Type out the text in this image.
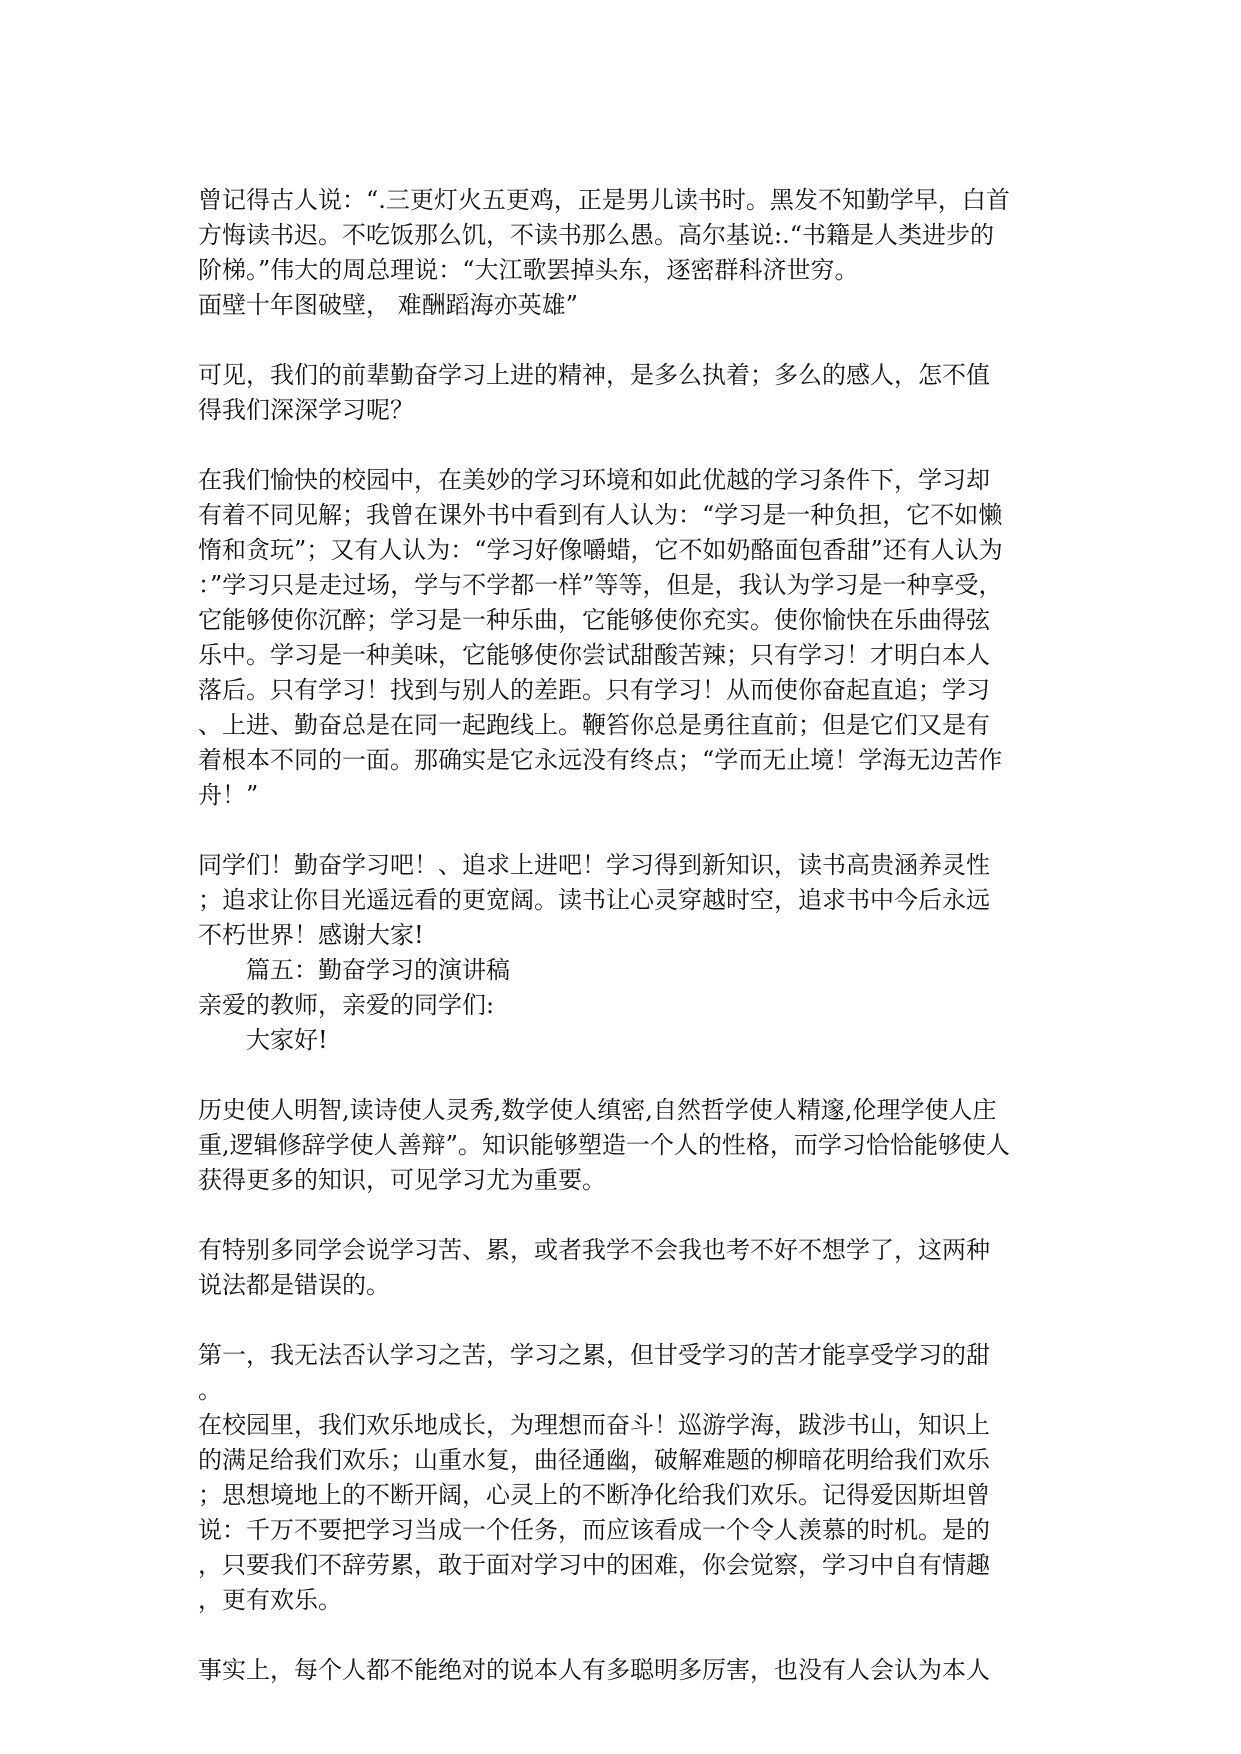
曾记得古人说：“.三更灯火五更鸡，正是男儿读书时。黑发不知勤学早，白首
方悔读书迟。不吃饭那么饥，不读书那么愚。高尔基说:.“书籍是人类进步的
阶梯。”伟大的周总理说：“大江歌罢掉头东，逐密群科济世穷。
面壁十年图破壁， 难酬蹈海亦英雄”
可见，我们的前辈勤奋学习上进的精神，是多么执着；多么的感人，怎不值
得我们深深学习呢？
在我们愉快的校园中，在美妙的学习环境和如此优越的学习条件下，学习却
有着不同见解；我曾在课外书中看到有人认为：“学习是一种负担，它不如懒
惰和贪玩”；又有人认为：“学习好像嚼蜡，它不如奶酪面包香甜”还有人认为
：”学习只是走过场，学与不学都一样”等等，但是，我认为学习是一种享受，
它能够使你沉醉；学习是一种乐曲，它能够使你充实。使你愉快在乐曲得弦
乐中。学习是一种美味，它能够使你尝试甜酸苦辣；只有学习！才明白本人
落后。只有学习！找到与别人的差距。只有学习！从而使你奋起直追；学习
、上进、勤奋总是在同一起跑线上。鞭笞你总是勇往直前；但是它们又是有
着根本不同的一面。那确实是它永远没有终点；“学而无止境！学海无边苦作
舟！”
同学们！勤奋学习吧！、追求上进吧！学习得到新知识，读书高贵涵养灵性
；追求让你目光遥远看的更宽阔。读书让心灵穿越时空，追求书中今后永远
不朽世界！感谢大家!
篇五：勤奋学习的演讲稿
亲爱的教师，亲爱的同学们:
大家好!
历史使人明智,读诗使人灵秀,数学使人缜密,自然哲学使人精邃,伦理学使人庄
重,逻辑修辞学使人善辩”。知识能够塑造一个人的性格，而学习恰恰能够使人
获得更多的知识，可见学习尤为重要。
有特别多同学会说学习苦、累，或者我学不会我也考不好不想学了，这两种
说法都是错误的。
第一，我无法否认学习之苦，学习之累，但甘受学习的苦才能享受学习的甜
。
在校园里，我们欢乐地成长，为理想而奋斗！巡游学海，跋涉书山，知识上
的满足给我们欢乐；山重水复，曲径通幽，破解难题的柳暗花明给我们欢乐
；思想境地上的不断开阔，心灵上的不断净化给我们欢乐。记得爱因斯坦曾
说：千万不要把学习当成一个任务，而应该看成一个令人羡慕的时机。是的
，只要我们不辞劳累，敢于面对学习中的困难，你会觉察，学习中自有情趣
，更有欢乐。
事实上，每个人都不能绝对的说本人有多聪明多厉害，也没有人会认为本人
